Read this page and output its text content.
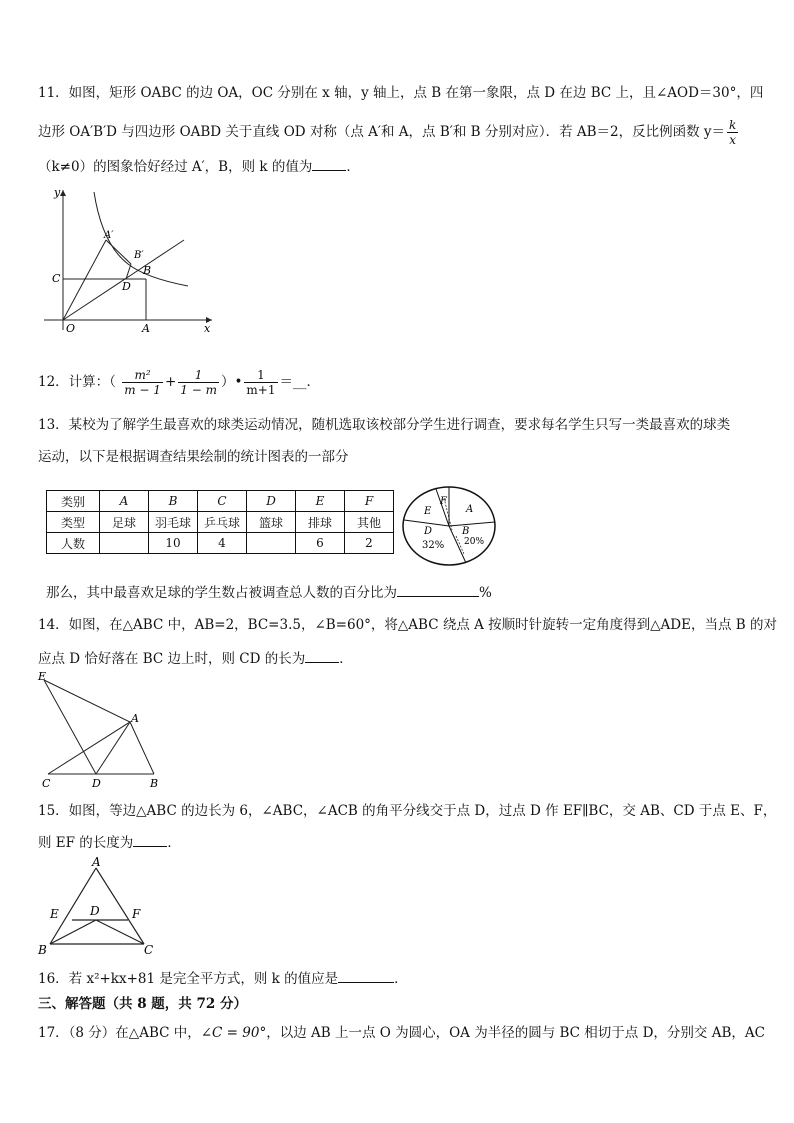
11．如图，矩形 OABC 的边 OA，OC 分别在 x 轴，y 轴上，点 B 在第一象限，点 D 在边 BC 上，且∠AOD＝30°，四
边形 OA′B′D 与四边形 OABD 关于直线 OD 对称（点 A′和 A，点 B′和 B 分别对应）．若 AB＝2，反比例函数 $y= \frac{k}{x}$
（k≠0）的图象恰好经过 A′，B，则 k 的值为	．
y
x
O	A
C
D
B
A′
B′
12．计算：（ $\frac{\text{m²}}{m - 1} + \frac{1}{1 - m}$ ）• $\frac{1}{m+1}$ ＝__．
13．某校为了解学生最喜欢的球类运动情况，随机选取该校部分学生进行调查，要求每名学生只写一类最喜欢的球类
运动，以下是根据调查结果绘制的统计图表的一部分
类别	A	B	C	D	E	F
类型	足球	羽毛球	乒乓球	篮球	排球	其他
人数		10	4		6	2
F
E	A
D
32%
B
20%
那么，其中最喜欢足球的学生数占被调查总人数的百分比为	%
14．如图，在△ABC 中，AB=2，BC=3.5，∠B=60°，将△ABC 绕点 A 按顺时针旋转一定角度得到△ADE，当点 B 的对
应点 D 恰好落在 BC 边上时，则 CD 的长为	．
E
A
C	D	B
15．如图，等边△ABC 的边长为 6，∠ABC，∠ACB 的角平分线交于点 D，过点 D 作 EF∥BC，交 AB、CD 于点 E、F，
则 EF 的长度为	．
A
E	D	F
B	C
16．若 x²+kx+81 是完全平方式，则 k 的值应是	．
三、解答题（共 8 题，共 72 分）
17．（8 分）在△ABC 中，∠C = 90°，以边 AB 上一点 O 为圆心，OA 为半径的圆与 BC 相切于点 D，分别交 AB，AC
